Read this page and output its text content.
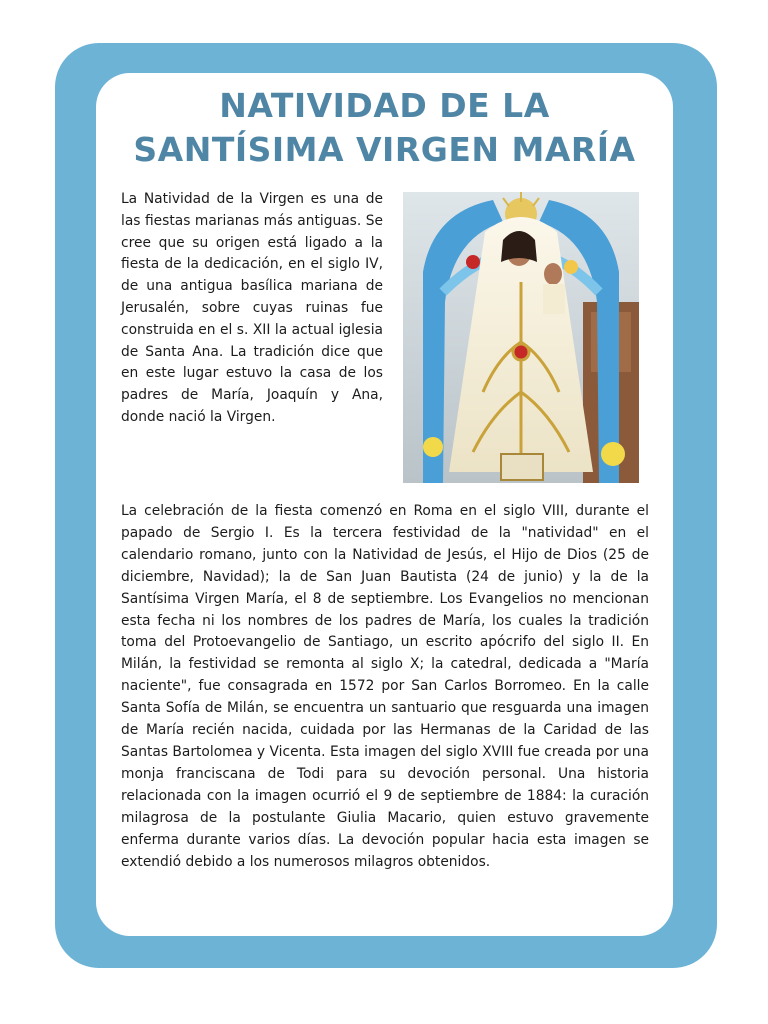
NATIVIDAD DE LA
SANTÍSIMA VIRGEN MARÍA

La Natividad de la Virgen es una de las fiestas marianas más antiguas. Se cree que su origen está ligado a la fiesta de la dedicación, en el siglo IV, de una antigua basílica mariana de Jerusalén, sobre cuyas ruinas fue construida en el s. XII la actual iglesia de Santa Ana. La tradición dice que en este lugar estuvo la casa de los padres de María, Joaquín y Ana, donde nació la Virgen.

La celebración de la fiesta comenzó en Roma en el siglo VIII, durante el papado de Sergio I. Es la tercera festividad de la "natividad" en el calendario romano, junto con la Natividad de Jesús, el Hijo de Dios (25 de diciembre, Navidad); la de San Juan Bautista (24 de junio) y la de la Santísima Virgen María, el 8 de septiembre. Los Evangelios no mencionan esta fecha ni los nombres de los padres de María, los cuales la tradición toma del Protoevangelio de Santiago, un escrito apócrifo del siglo II. En Milán, la festividad se remonta al siglo X; la catedral, dedicada a "María naciente", fue consagrada en 1572 por San Carlos Borromeo. En la calle Santa Sofía de Milán, se encuentra un santuario que resguarda una imagen de María recién nacida, cuidada por las Hermanas de la Caridad de las Santas Bartolomea y Vicenta. Esta imagen del siglo XVIII fue creada por una monja franciscana de Todi para su devoción personal. Una historia relacionada con la imagen ocurrió el 9 de septiembre de 1884: la curación milagrosa de la postulante Giulia Macario, quien estuvo gravemente enferma durante varios días. La devoción popular hacia esta imagen se extendió debido a los numerosos milagros obtenidos.
